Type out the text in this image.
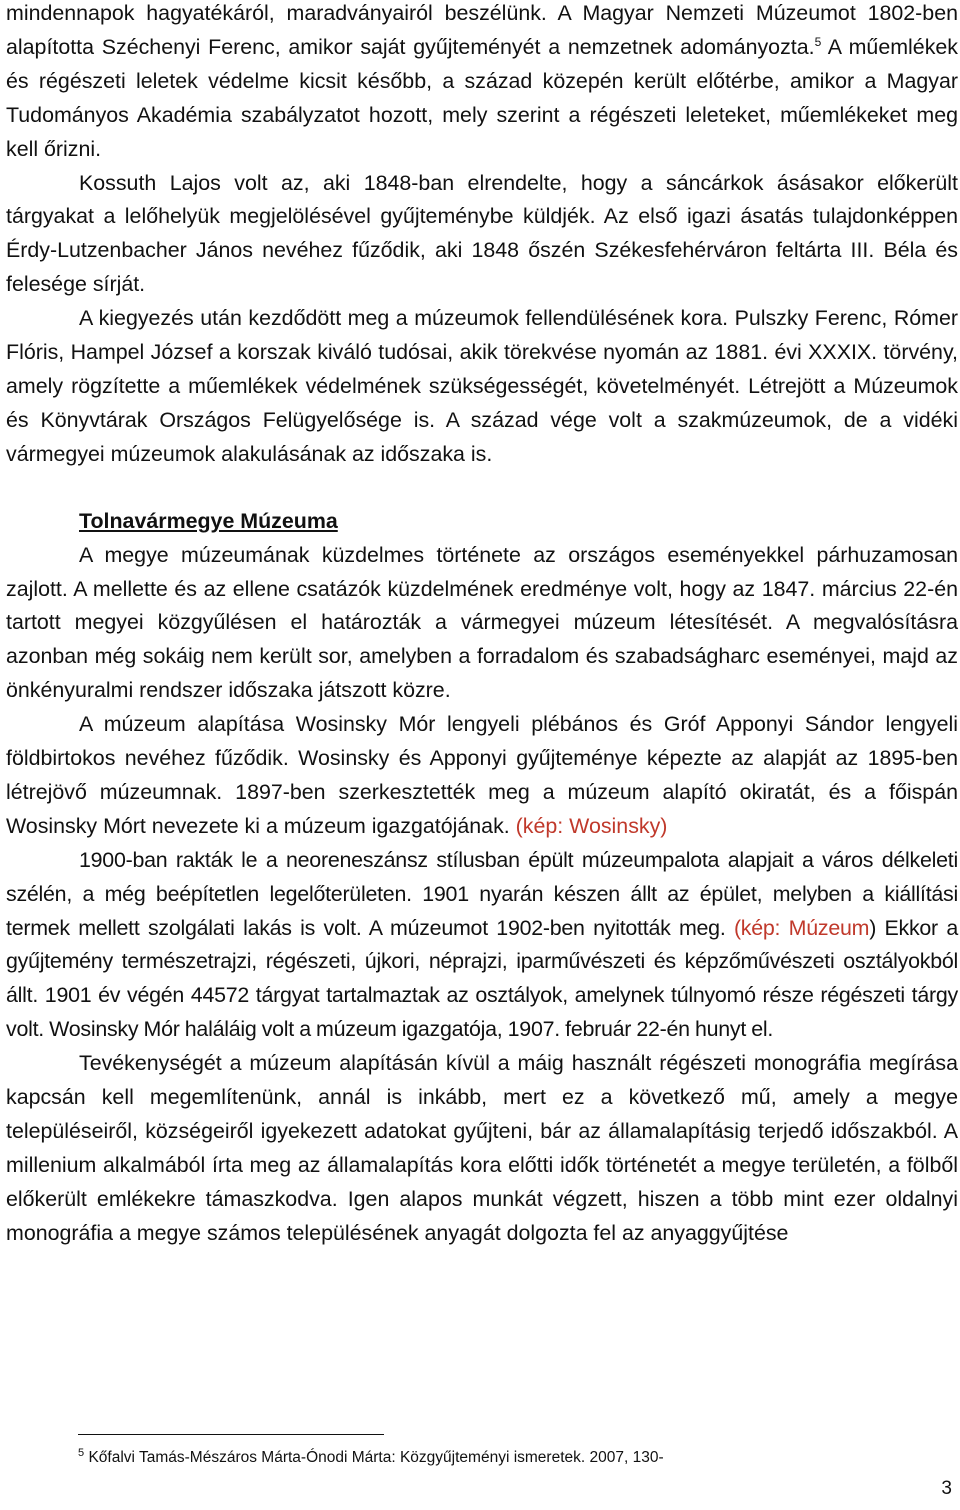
mindennapok hagyatékáról, maradványairól beszélünk. A Magyar Nemzeti Múzeumot 1802-ben alapította Széchenyi Ferenc, amikor saját gyűjteményét a nemzetnek adományozta.$^5$ A műemlékek és régészeti leletek védelme kicsit később, a század közepén került előtérbe, amikor a Magyar Tudományos Akadémia szabályzatot hozott, mely szerint a régészeti leleteket, műemlékeket meg kell őrizni.

Kossuth Lajos volt az, aki 1848-ban elrendelte, hogy a sáncárkok ásásakor előkerült tárgyakat a lelőhelyük megjelölésével gyűjteménybe küldjék. Az első igazi ásatás tulajdonképpen Érdy-Lutzenbacher János nevéhez fűződik, aki 1848 őszén Székesfehérváron feltárta III. Béla és felesége sírját.

A kiegyezés után kezdődött meg a múzeumok fellendülésének kora. Pulszky Ferenc, Rómer Flóris, Hampel József a korszak kiváló tudósai, akik törekvése nyomán az 1881. évi XXXIX. törvény, amely rögzítette a műemlékek védelmének szükségességét, követelményét. Létrejött a Múzeumok és Könyvtárak Országos Felügyelősége is. A század vége volt a szakmúzeumok, de a vidéki vármegyei múzeumok alakulásának az időszaka is.

Tolnavármegye Múzeuma

A megye múzeumának küzdelmes története az országos eseményekkel párhuzamosan zajlott. A mellette és az ellene csatázók küzdelmének eredménye volt, hogy az 1847. március 22-én tartott megyei közgyűlésen el határozták a vármegyei múzeum létesítését. A megvalósításra azonban még sokáig nem került sor, amelyben a forradalom és szabadságharc eseményei, majd az önkényuralmi rendszer időszaka játszott közre.

A múzeum alapítása Wosinsky Mór lengyeli plébános és Gróf Apponyi Sándor lengyeli földbirtokos nevéhez fűződik. Wosinsky és Apponyi gyűjteménye képezte az alapját az 1895-ben létrejövő múzeumnak. 1897-ben szerkesztették meg a múzeum alapító okiratát, és a főispán Wosinsky Mórt nevezete ki a múzeum igazgatójának. (kép: Wosinsky)

1900-ban rakták le a neoreneszánsz stílusban épült múzeumpalota alapjait a város délkeleti szélén, a még beépítetlen legelőterületen. 1901 nyarán készen állt az épület, melyben a kiállítási termek mellett szolgálati lakás is volt. A múzeumot 1902-ben nyitották meg. (kép: Múzeum) Ekkor a gyűjtemény természetrajzi, régészeti, újkori, néprajzi, iparművészeti és képzőművészeti osztályokból állt. 1901 év végén 44572 tárgyat tartalmaztak az osztályok, amelynek túlnyomó része régészeti tárgy volt. Wosinsky Mór haláláig volt a múzeum igazgatója, 1907. február 22-én hunyt el.

Tevékenységét a múzeum alapításán kívül a máig használt régészeti monográfia megírása kapcsán kell megemlítenünk, annál is inkább, mert ez a következő mű, amely a megye településeiről, községeiről igyekezett adatokat gyűjteni, bár az államalapításig terjedő időszakból. A millenium alkalmából írta meg az államalapítás kora előtti idők történetét a megye területén, a fölből előkerült emlékekre támaszkodva. Igen alapos munkát végzett, hiszen a több mint ezer oldalnyi monográfia a megye számos településének anyagát dolgozta fel az anyaggyűjtése

$^5$ Kőfalvi Tamás-Mészáros Márta-Ónodi Márta: Közgyűjteményi ismeretek. 2007, 130-
3
